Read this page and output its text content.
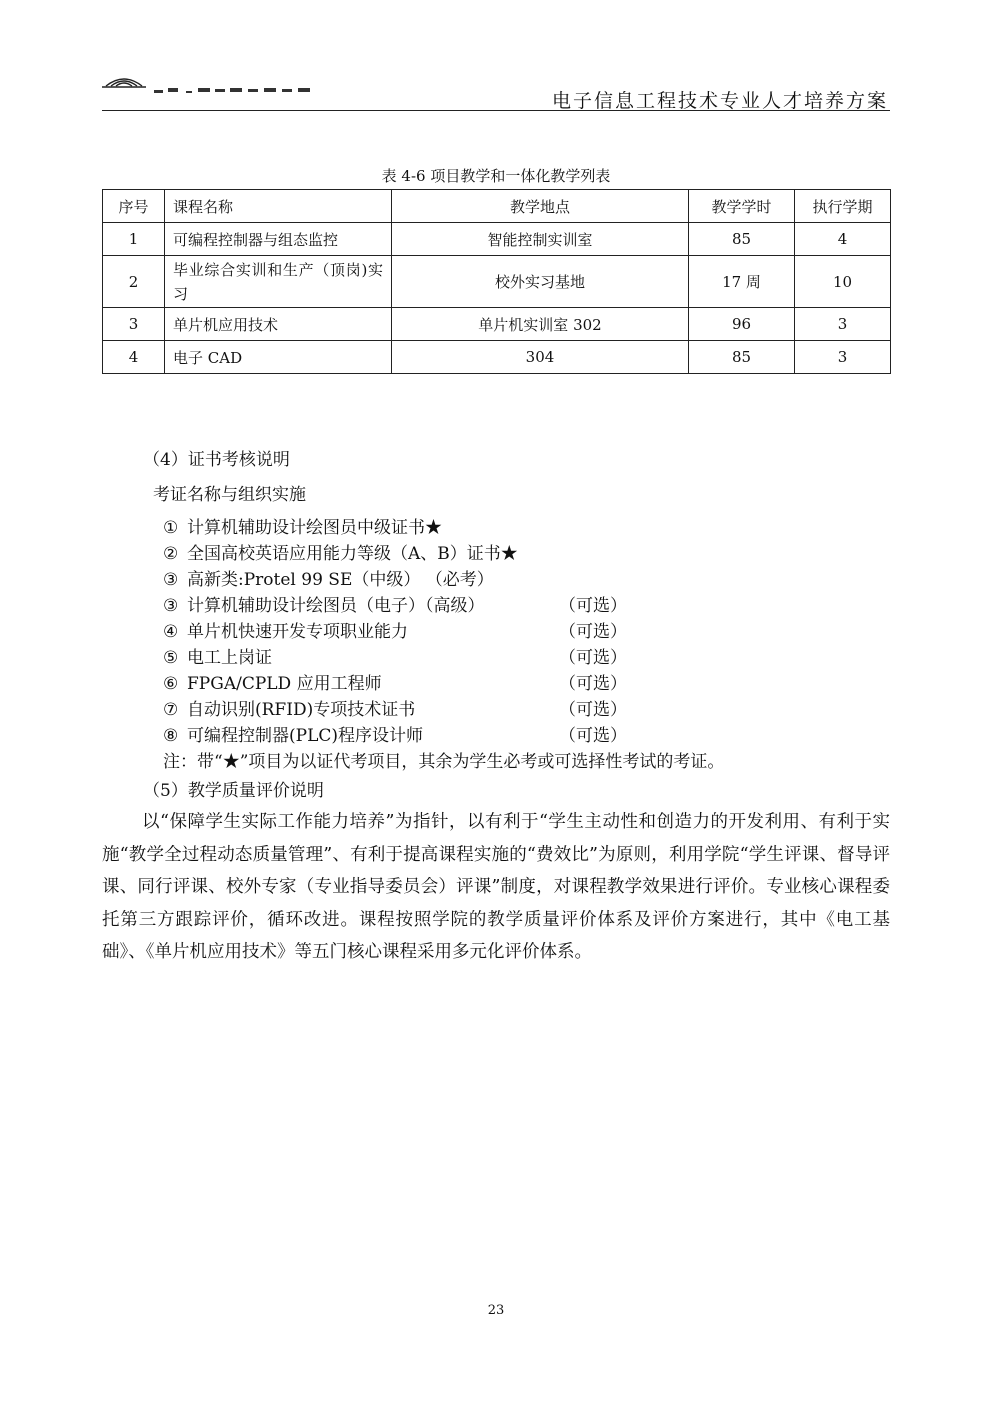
电子信息工程技术专业人才培养方案
表 4-6 项目教学和一体化教学列表
序号	课程名称	教学地点	教学学时	执行学期
1	可编程控制器与组态监控	智能控制实训室	85	4
2	毕业综合实训和生产（顶岗)实习	校外实习基地	17 周	10
3	单片机应用技术	单片机实训室 302	96	3
4	电子 CAD	304	85	3
（4）证书考核说明
考证名称与组织实施
① 计算机辅助设计绘图员中级证书★
② 全国高校英语应用能力等级（A、B）证书★
③ 高新类:Protel 99 SE（中级） （必考）
③ 计算机辅助设计绘图员（电子）（高级）	（可选）
④ 单片机快速开发专项职业能力	（可选）
⑤ 电工上岗证	（可选）
⑥ FPGA/CPLD 应用工程师	（可选）
⑦ 自动识别(RFID)专项技术证书	（可选）
⑧ 可编程控制器(PLC)程序设计师	（可选）
注：带“★”项目为以证代考项目，其余为学生必考或可选择性考试的考证。
（5）教学质量评价说明
以“保障学生实际工作能力培养”为指针，以有利于“学生主动性和创造力的开发利用、有利于实施“教学全过程动态质量管理”、有利于提高课程实施的“费效比”为原则，利用学院“学生评课、督导评课、同行评课、校外专家（专业指导委员会）评课”制度，对课程教学效果进行评价。专业核心课程委托第三方跟踪评价，循环改进。课程按照学院的教学质量评价体系及评价方案进行，其中《电工基础》、《单片机应用技术》等五门核心课程采用多元化评价体系。
23
